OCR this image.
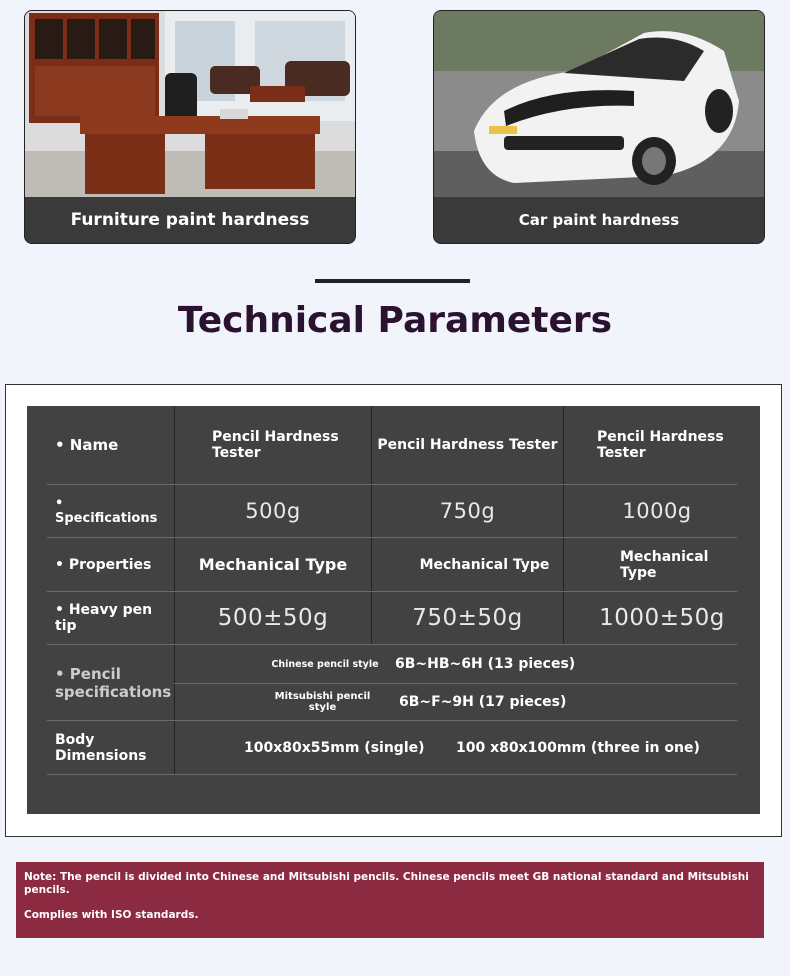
Furniture paint hardness	Car paint hardness
Technical Parameters
• Name	Pencil Hardness Tester	Pencil Hardness Tester	Pencil Hardness Tester
•
Specifications	500g	750g	1000g
• Properties	Mechanical Type	Mechanical Type	Mechanical Type
• Heavy pen tip	500±50g	750±50g	1000±50g
• Pencil specifications
Chinese pencil style	6B~HB~6H (13 pieces)
Mitsubishi pencil style	6B~F~9H (17 pieces)
Body Dimensions	100x80x55mm (single)	100 x80x100mm (three in one)

Note: The pencil is divided into Chinese and Mitsubishi pencils. Chinese pencils meet GB national standard and Mitsubishi pencils.

Complies with ISO standards.
